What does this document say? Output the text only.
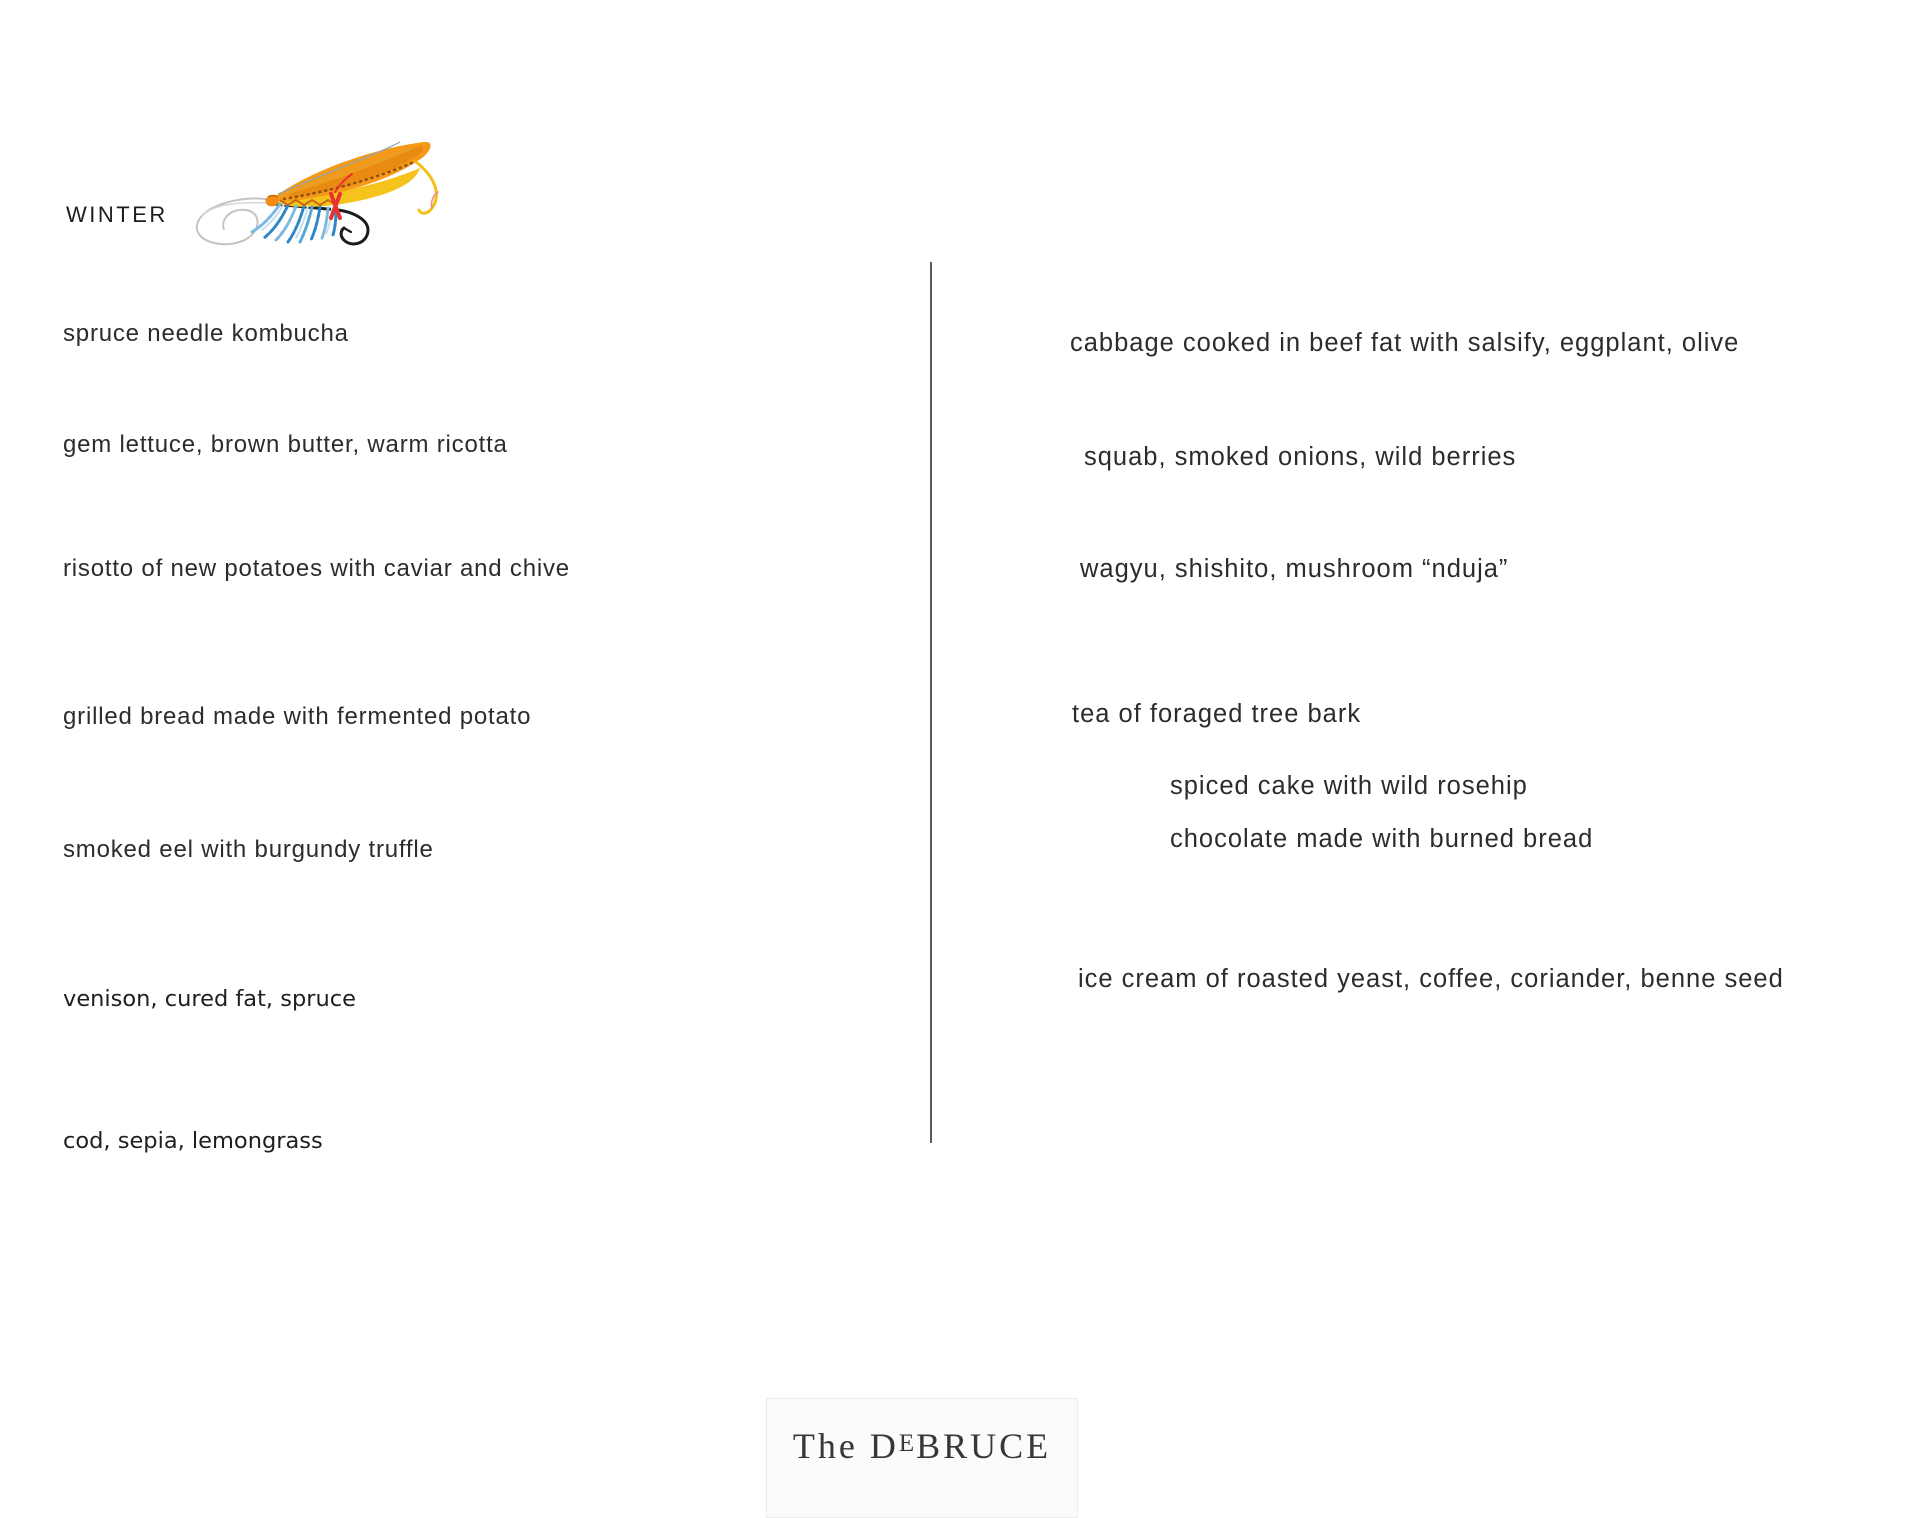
WINTER
spruce needle kombucha
gem lettuce, brown butter, warm ricotta
risotto of new potatoes with caviar and chive
grilled bread made with fermented potato
smoked eel with burgundy truffle
venison, cured fat, spruce
cod, sepia, lemongrass
cabbage cooked in beef fat with salsify, eggplant, olive
squab, smoked onions, wild berries
wagyu, shishito, mushroom “nduja”
tea of foraged tree bark
spiced cake with wild rosehip
chocolate made with burned bread
ice cream of roasted yeast, coffee, coriander, benne seed
The DEBRUCE
